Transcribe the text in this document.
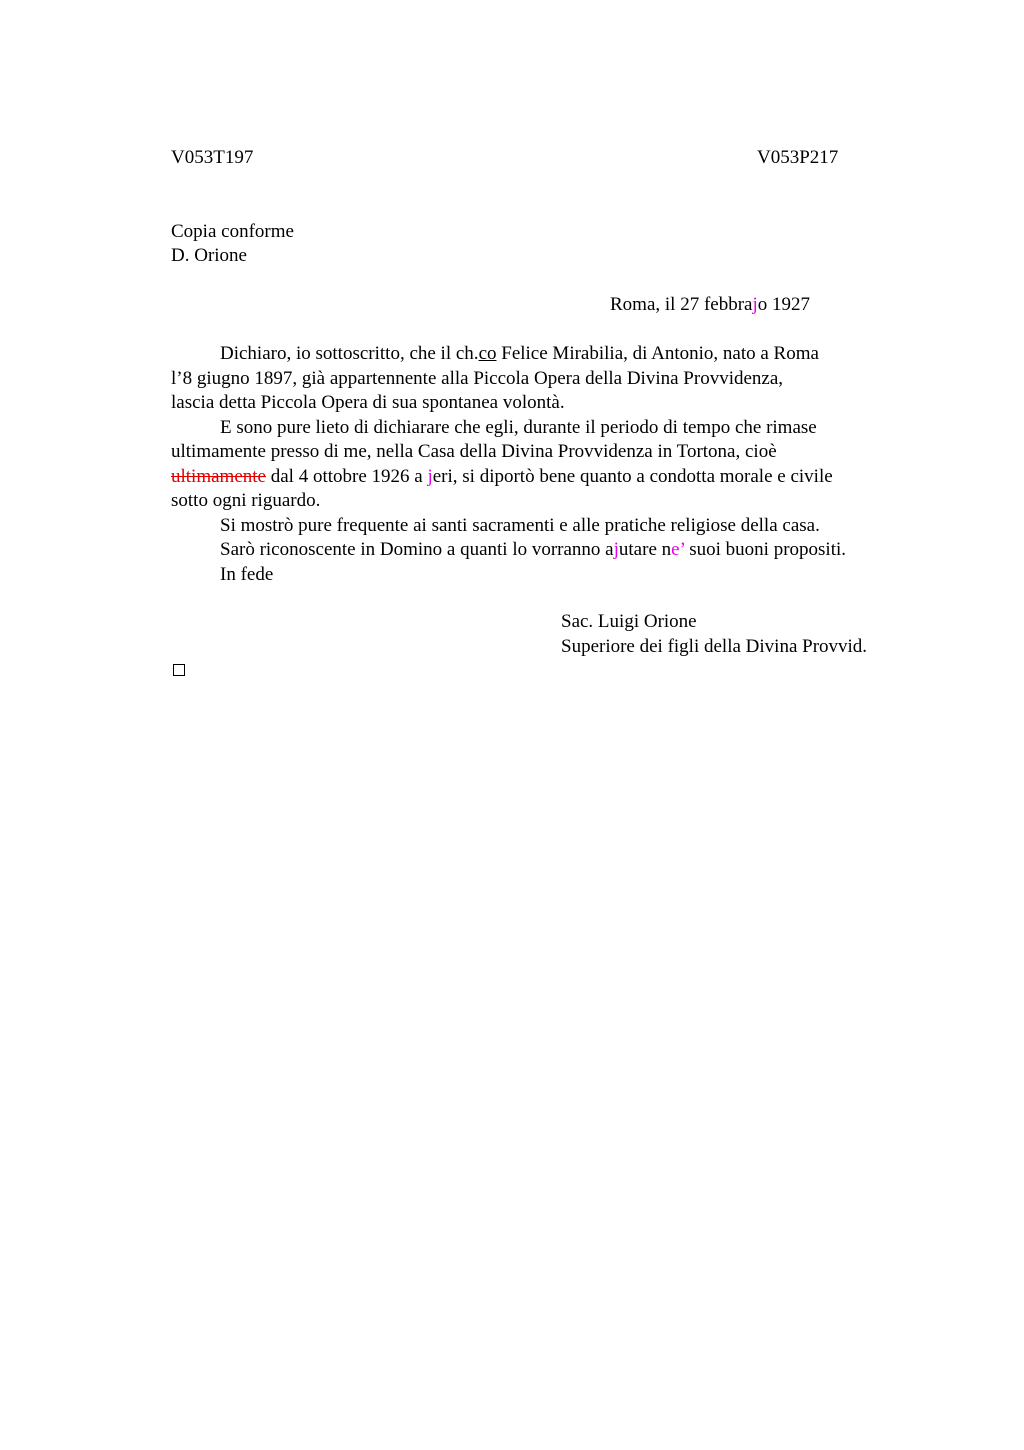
V053T197	V053P217
Copia conforme
D. Orione
Roma, il 27 febbrajo 1927
Dichiaro, io sottoscritto, che il ch.co Felice Mirabilia, di Antonio, nato a Roma
l’8 giugno 1897, già appartennente alla Piccola Opera della Divina Provvidenza,
lascia detta Piccola Opera di sua spontanea volontà.
E sono pure lieto di dichiarare che egli, durante il periodo di tempo che rimase
ultimamente presso di me, nella Casa della Divina Provvidenza in Tortona, cioè
ultimamente dal 4 ottobre 1926 a jeri, si diportò bene quanto a condotta morale e civile
sotto ogni riguardo.
Si mostrò pure frequente ai santi sacramenti e alle pratiche religiose della casa.
Sarò riconoscente in Domino a quanti lo vorranno ajutare ne’ suoi buoni propositi.
In fede
Sac. Luigi Orione
Superiore dei figli della Divina Provvid.
